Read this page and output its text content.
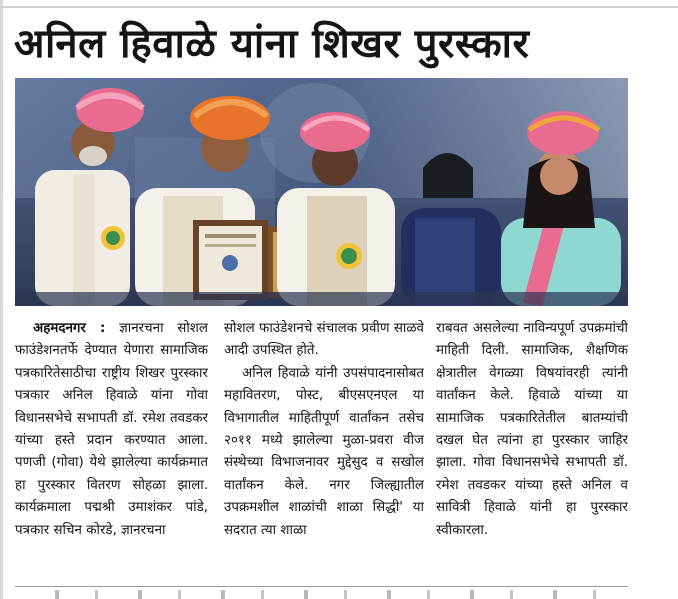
अनिल हिवाळे यांना शिखर पुरस्कार

अहमदनगर : ज्ञानरचना सोशल फाउंडेशनतर्फे देण्यात येणारा सामाजिक पत्रकारितेसाठीचा राष्ट्रीय शिखर पुरस्कार पत्रकार अनिल हिवाळे यांना गोवा विधानसभेचे सभापती डॉ. रमेश तवडकर यांच्या हस्ते प्रदान करण्यात आला. पणजी (गोवा) येथे झालेल्या कार्यक्रमात हा पुरस्कार वितरण सोहळा झाला. कार्यक्रमाला पद्मश्री उमाशंकर पांडे, पत्रकार सचिन कोरडे, ज्ञानरचना

सोशल फाउंडेशनचे संचालक प्रवीण साळवे आदी उपस्थित होते.

अनिल हिवाळे यांनी उपसंपादनासोबत महावितरण, पोस्ट, बीएसएनएल या विभागातील माहितीपूर्ण वार्तांकन तसेच २०११ मध्ये झालेल्या मुळा-प्रवरा वीज संस्थेच्या विभाजनावर मुद्देसुद व सखोल वार्तांकन केले. नगर जिल्ह्यातील उपक्रमशील शाळांची शाळा सिद्धी' या सदरात त्या शाळा

राबवत असलेल्या नाविन्यपूर्ण उपक्रमांची माहिती दिली. सामाजिक, शैक्षणिक क्षेत्रातील वेगळ्या विषयांवरही त्यांनी वार्तांकन केले. हिवाळे यांच्या या सामाजिक पत्रकारितेतील बातम्यांची दखल घेत त्यांना हा पुरस्कार जाहिर झाला. गोवा विधानसभेचे सभापती डॉ. रमेश तवडकर यांच्या हस्ते अनिल व सावित्री हिवाळे यांनी हा पुरस्कार स्वीकारला.
